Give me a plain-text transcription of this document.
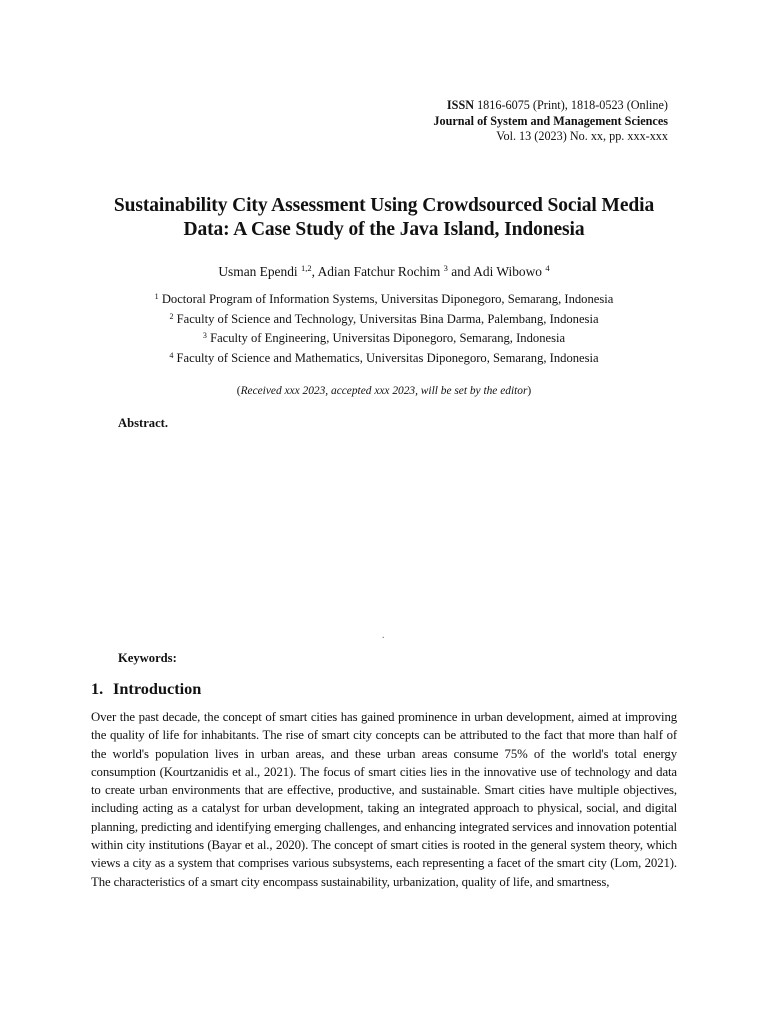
ISSN 1816-6075 (Print), 1818-0523 (Online)
Journal of System and Management Sciences
Vol. 13 (2023) No. xx, pp. xxx-xxx
Sustainability City Assessment Using Crowdsourced Social Media
Data: A Case Study of the Java Island, Indonesia
Usman Ependi $^{1,2}$, Adian Fatchur Rochim $^3$ and Adi Wibowo $^4$
$^1$ Doctoral Program of Information Systems, Universitas Diponegoro, Semarang, Indonesia
$^2$ Faculty of Science and Technology, Universitas Bina Darma, Palembang, Indonesia
$^3$ Faculty of Engineering, Universitas Diponegoro, Semarang, Indonesia
$^4$ Faculty of Science and Mathematics, Universitas Diponegoro, Semarang, Indonesia
(Received xxx 2023, accepted xxx 2023, will be set by the editor)
Abstract.
.
Keywords:
1. Introduction
Over the past decade, the concept of smart cities has gained prominence in urban development, aimed at improving the quality of life for inhabitants. The rise of smart city concepts can be attributed to the fact that more than half of the world's population lives in urban areas, and these urban areas consume 75% of the world's total energy consumption (Kourtzanidis et al., 2021). The focus of smart cities lies in the innovative use of technology and data to create urban environments that are effective, productive, and sustainable. Smart cities have multiple objectives, including acting as a catalyst for urban development, taking an integrated approach to physical, social, and digital planning, predicting and identifying emerging challenges, and enhancing integrated services and innovation potential within city institutions (Bayar et al., 2020). The concept of smart cities is rooted in the general system theory, which views a city as a system that comprises various subsystems, each representing a facet of the smart city (Lom, 2021). The characteristics of a smart city encompass sustainability, urbanization, quality of life, and smartness,
